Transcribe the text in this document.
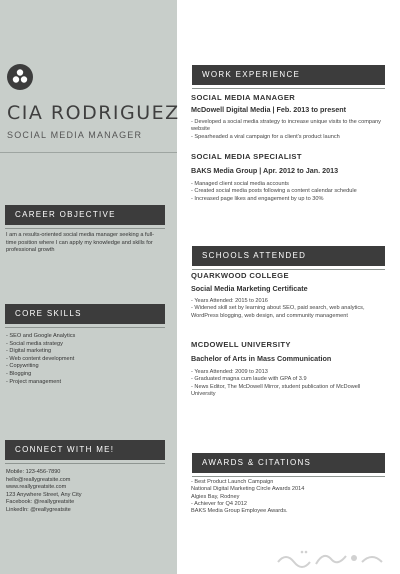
CIA RODRIGUEZ
SOCIAL MEDIA MANAGER
CAREER OBJECTIVE
I am a results-oriented social media manager seeking a full-
time position where I can apply my knowledge and skills for
professional growth
CORE SKILLS
- SEO and Google Analytics
- Social media strategy
- Digital marketing
- Web content development
- Copywriting
- Blogging
- Project management
CONNECT WITH ME!
Mobile: 123-456-7890
hello@reallygreatsite.com
www.reallygreatsite.com
123 Anywhere Street, Any City
Facebook: @reallygreatsite
LinkedIn: @reallygreatsite
WORK EXPERIENCE
SOCIAL MEDIA MANAGER
McDowell Digital Media | Feb. 2013 to present
- Developed a social media strategy to increase unique visits to the company
website
- Spearheaded a viral campaign for a client's product launch
SOCIAL MEDIA SPECIALIST
BAKS Media Group | Apr. 2012 to Jan. 2013
- Managed client social media accounts
- Created social media posts following a content calendar schedule
- Increased page likes and engagement by up to 30%
SCHOOLS ATTENDED
QUARKWOOD COLLEGE
Social Media Marketing Certificate
- Years Attended: 2015 to 2016
- Widened skill set by learning about SEO, paid search, web analytics,
WordPress blogging, web design, and community management
MCDOWELL UNIVERSITY
Bachelor of Arts in Mass Communication
- Years Attended: 2009 to 2013
- Graduated magna cum laude with GPA of 3.9
- News Editor, The McDowell Mirror, student publication of McDowell
University
AWARDS & CITATIONS
- Best Product Launch Campaign
National Digital Marketing Circle Awards 2014
Algies Bay, Rodney
- Achiever for Q4 2012
BAKS Media Group Employee Awards.
